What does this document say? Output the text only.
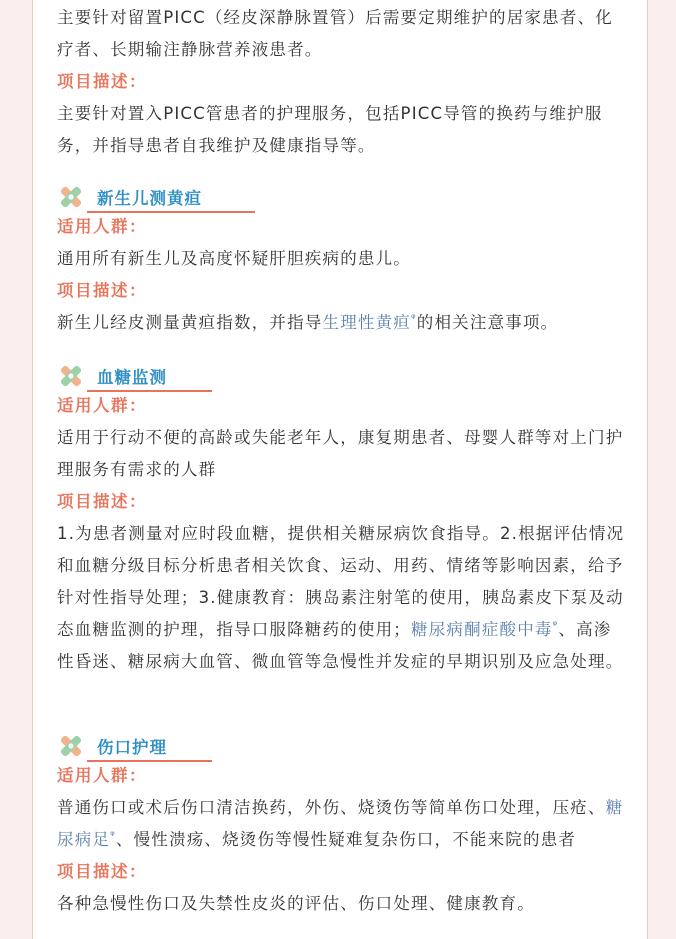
主要针对留置PICC（经皮深静脉置管）后需要定期维护的居家患者、化疗者、长期输注静脉营养液患者。

项目描述：

主要针对置入PICC管患者的护理服务，包括PICC导管的换药与维护服务，并指导患者自我维护及健康指导等。

新生儿测黄疸

适用人群：

通用所有新生儿及高度怀疑肝胆疾病的患儿。

项目描述：

新生儿经皮测量黄疸指数，并指导生理性黄疸$^ᵠ$的相关注意事项。

血糖监测

适用人群：

适用于行动不便的高龄或失能老年人，康复期患者、母婴人群等对上门护理服务有需求的人群

项目描述：

1.为患者测量对应时段血糖，提供相关糖尿病饮食指导。2.根据评估情况和血糖分级目标分析患者相关饮食、运动、用药、情绪等影响因素，给予针对性指导处理；3.健康教育：胰岛素注射笔的使用，胰岛素皮下泵及动态血糖监测的护理，指导口服降糖药的使用；糖尿病酮症酸中毒$^ᵠ$、高渗性昏迷、糖尿病大血管、微血管等急慢性并发症的早期识别及应急处理。

伤口护理

适用人群：

普通伤口或术后伤口清洁换药，外伤、烧烫伤等简单伤口处理，压疮、糖尿病足$^ᵠ$、慢性溃疡、烧烫伤等慢性疑难复杂伤口，不能来院的患者

项目描述：

各种急慢性伤口及失禁性皮炎的评估、伤口处理、健康教育。
